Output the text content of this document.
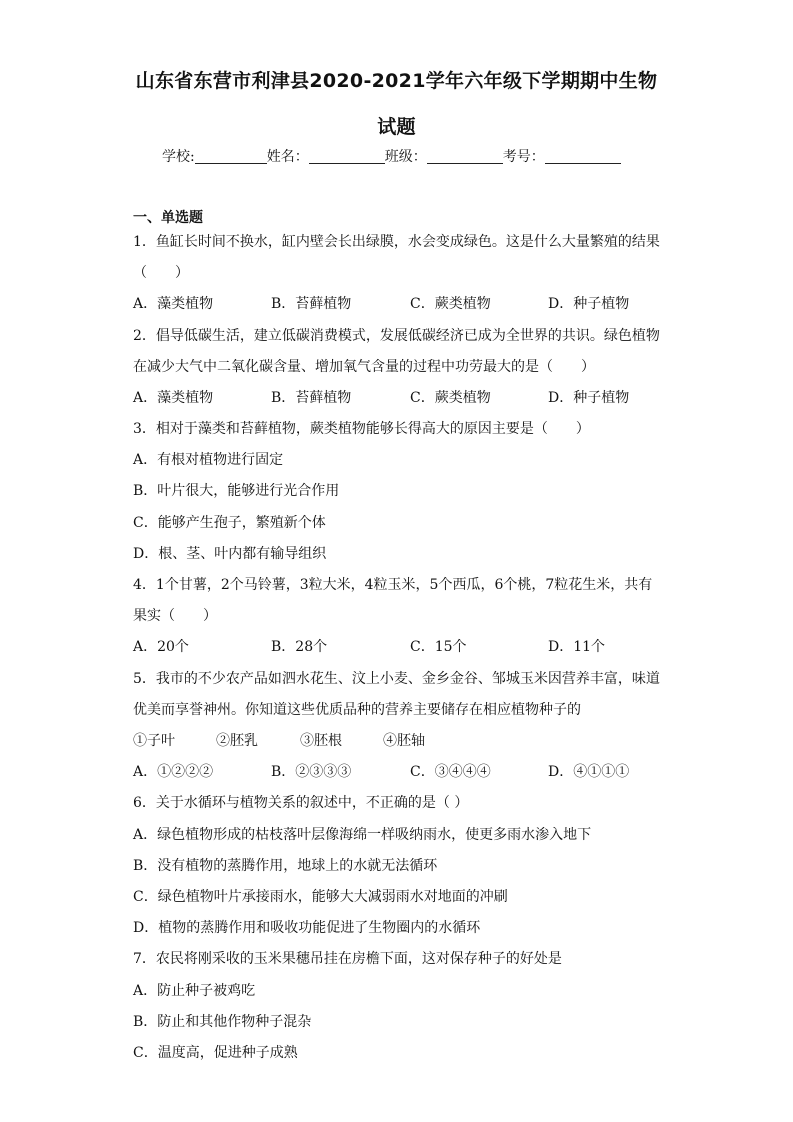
山东省东营市利津县2020-2021学年六年级下学期期中生物
试题
学校:	姓名：	班级：	考号：
一、单选题
1．鱼缸长时间不换水，缸内壁会长出绿膜，水会变成绿色。这是什么大量繁殖的结果
（　　）
A．藻类植物	B．苔藓植物	C．蕨类植物	D．种子植物
2．倡导低碳生活，建立低碳消费模式，发展低碳经济已成为全世界的共识。绿色植物
在减少大气中二氧化碳含量、增加氧气含量的过程中功劳最大的是（　　）
A．藻类植物	B．苔藓植物	C．蕨类植物	D．种子植物
3．相对于藻类和苔藓植物，蕨类植物能够长得高大的原因主要是（　　）
A．有根对植物进行固定
B．叶片很大，能够进行光合作用
C．能够产生孢子，繁殖新个体
D．根、茎、叶内都有输导组织
4．1个甘薯，2个马铃薯，3粒大米，4粒玉米，5个西瓜，6个桃，7粒花生米，共有
果实（　　）
A．20个	B．28个	C．15个	D．11个
5．我市的不少农产品如泗水花生、汶上小麦、金乡金谷、邹城玉米因营养丰富，味道
优美而享誉神州。你知道这些优质品种的营养主要储存在相应植物种子的
①子叶	②胚乳	③胚根	④胚轴
A．①②②②	B．②③③③	C．③④④④	D．④①①①
6．关于水循环与植物关系的叙述中，不正确的是（ ）
A．绿色植物形成的枯枝落叶层像海绵一样吸纳雨水，使更多雨水渗入地下
B．没有植物的蒸腾作用，地球上的水就无法循环
C．绿色植物叶片承接雨水，能够大大减弱雨水对地面的冲刷
D．植物的蒸腾作用和吸收功能促进了生物圈内的水循环
7．农民将刚采收的玉米果穗吊挂在房檐下面，这对保存种子的好处是
A．防止种子被鸡吃
B．防止和其他作物种子混杂
C．温度高，促进种子成熟
